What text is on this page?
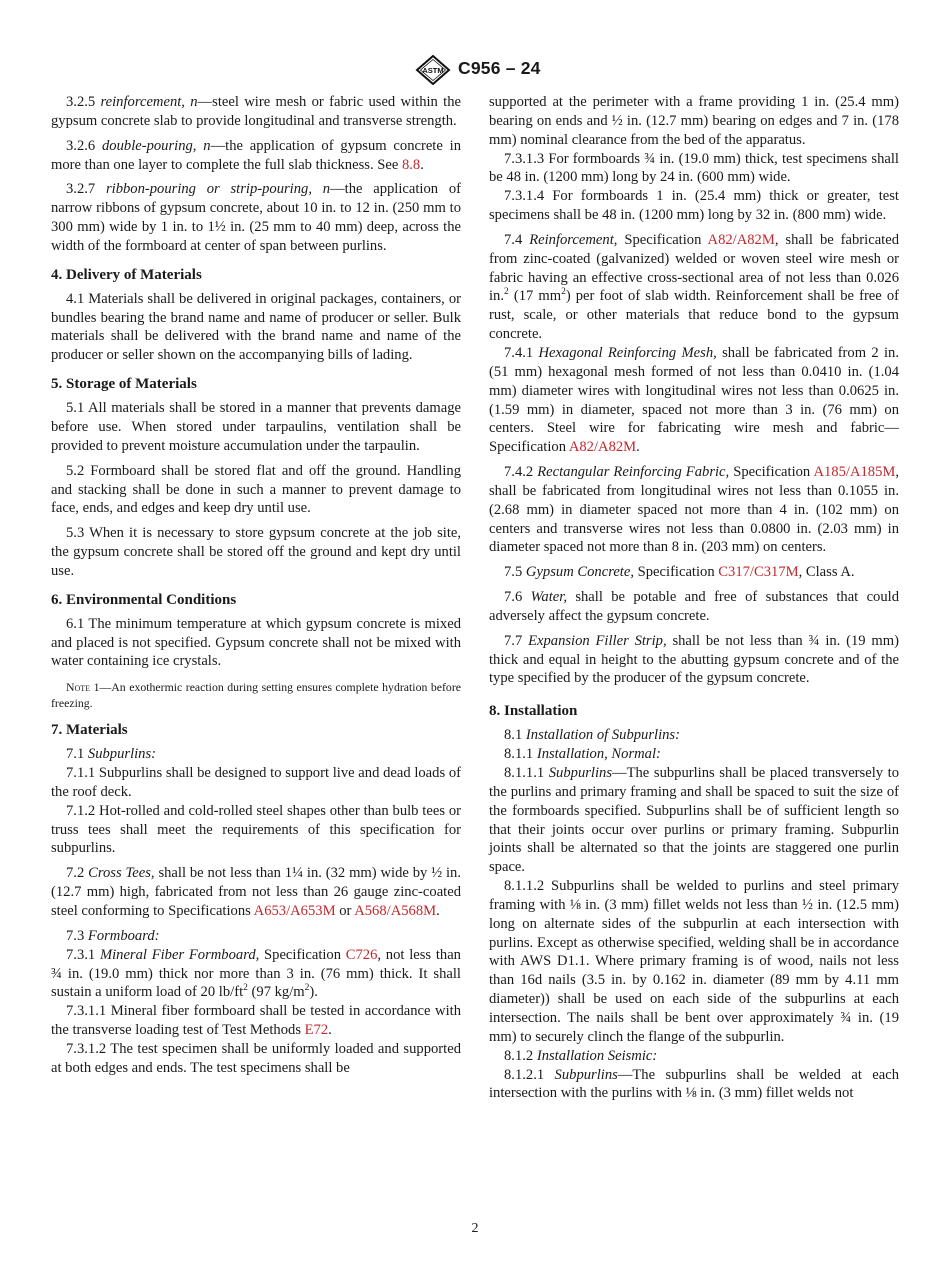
ASTM C956 – 24

3.2.5 reinforcement, n—steel wire mesh or fabric used within the gypsum concrete slab to provide longitudinal and transverse strength.

3.2.6 double-pouring, n—the application of gypsum concrete in more than one layer to complete the full slab thickness. See 8.8.

3.2.7 ribbon-pouring or strip-pouring, n—the application of narrow ribbons of gypsum concrete, about 10 in. to 12 in. (250 mm to 300 mm) wide by 1 in. to 1½ in. (25 mm to 40 mm) deep, across the width of the formboard at center of span between purlins.

4. Delivery of Materials

4.1 Materials shall be delivered in original packages, containers, or bundles bearing the brand name and name of producer or seller. Bulk materials shall be delivered with the brand name and name of the producer or seller shown on the accompanying bills of lading.

5. Storage of Materials

5.1 All materials shall be stored in a manner that prevents damage before use. When stored under tarpaulins, ventilation shall be provided to prevent moisture accumulation under the tarpaulin.

5.2 Formboard shall be stored flat and off the ground. Handling and stacking shall be done in such a manner to prevent damage to face, ends, and edges and keep dry until use.

5.3 When it is necessary to store gypsum concrete at the job site, the gypsum concrete shall be stored off the ground and kept dry until use.

6. Environmental Conditions

6.1 The minimum temperature at which gypsum concrete is mixed and placed is not specified. Gypsum concrete shall not be mixed with water containing ice crystals.

Note 1—An exothermic reaction during setting ensures complete hydration before freezing.

7. Materials

7.1 Subpurlins:

7.1.1 Subpurlins shall be designed to support live and dead loads of the roof deck.

7.1.2 Hot-rolled and cold-rolled steel shapes other than bulb tees or truss tees shall meet the requirements of this specification for subpurlins.

7.2 Cross Tees, shall be not less than 1¼ in. (32 mm) wide by ½ in. (12.7 mm) high, fabricated from not less than 26 gauge zinc-coated steel conforming to Specifications A653/A653M or A568/A568M.

7.3 Formboard:

7.3.1 Mineral Fiber Formboard, Specification C726, not less than ¾ in. (19.0 mm) thick nor more than 3 in. (76 mm) thick. It shall sustain a uniform load of 20 $lb/ft^2$ (97 $kg/m^2$).

7.3.1.1 Mineral fiber formboard shall be tested in accordance with the transverse loading test of Test Methods E72.

7.3.1.2 The test specimen shall be uniformly loaded and supported at both edges and ends. The test specimens shall be

supported at the perimeter with a frame providing 1 in. (25.4 mm) bearing on ends and ½ in. (12.7 mm) bearing on edges and 7 in. (178 mm) nominal clearance from the bed of the apparatus.

7.3.1.3 For formboards ¾ in. (19.0 mm) thick, test specimens shall be 48 in. (1200 mm) long by 24 in. (600 mm) wide.

7.3.1.4 For formboards 1 in. (25.4 mm) thick or greater, test specimens shall be 48 in. (1200 mm) long by 32 in. (800 mm) wide.

7.4 Reinforcement, Specification A82/A82M, shall be fabricated from zinc-coated (galvanized) welded or woven steel wire mesh or fabric having an effective cross-sectional area of not less than 0.026 in.$^2$ (17 $mm^2$) per foot of slab width. Reinforcement shall be free of rust, scale, or other materials that reduce bond to the gypsum concrete.

7.4.1 Hexagonal Reinforcing Mesh, shall be fabricated from 2 in. (51 mm) hexagonal mesh formed of not less than 0.0410 in. (1.04 mm) diameter wires with longitudinal wires not less than 0.0625 in. (1.59 mm) in diameter, spaced not more than 3 in. (76 mm) on centers. Steel wire for fabricating wire mesh and fabric—Specification A82/A82M.

7.4.2 Rectangular Reinforcing Fabric, Specification A185/A185M, shall be fabricated from longitudinal wires not less than 0.1055 in. (2.68 mm) in diameter spaced not more than 4 in. (102 mm) on centers and transverse wires not less than 0.0800 in. (2.03 mm) in diameter spaced not more than 8 in. (203 mm) on centers.

7.5 Gypsum Concrete, Specification C317/C317M, Class A.

7.6 Water, shall be potable and free of substances that could adversely affect the gypsum concrete.

7.7 Expansion Filler Strip, shall be not less than ¾ in. (19 mm) thick and equal in height to the abutting gypsum concrete and of the type specified by the producer of the gypsum concrete.

8. Installation

8.1 Installation of Subpurlins:

8.1.1 Installation, Normal:

8.1.1.1 Subpurlins—The subpurlins shall be placed transversely to the purlins and primary framing and shall be spaced to suit the size of the formboards specified. Subpurlins shall be of sufficient length so that their joints occur over purlins or primary framing. Subpurlin joints shall be alternated so that the joints are staggered one purlin space.

8.1.1.2 Subpurlins shall be welded to purlins and steel primary framing with ⅛ in. (3 mm) fillet welds not less than ½ in. (12.5 mm) long on alternate sides of the subpurlin at each intersection with purlins. Except as otherwise specified, welding shall be in accordance with AWS D1.1. Where primary framing is of wood, nails not less than 16d nails (3.5 in. by 0.162 in. diameter (89 mm by 4.11 mm diameter)) shall be used on each side of the subpurlins at each intersection. The nails shall be bent over approximately ¾ in. (19 mm) to securely clinch the flange of the subpurlin.

8.1.2 Installation Seismic:

8.1.2.1 Subpurlins—The subpurlins shall be welded at each intersection with the purlins with ⅛ in. (3 mm) fillet welds not

2
